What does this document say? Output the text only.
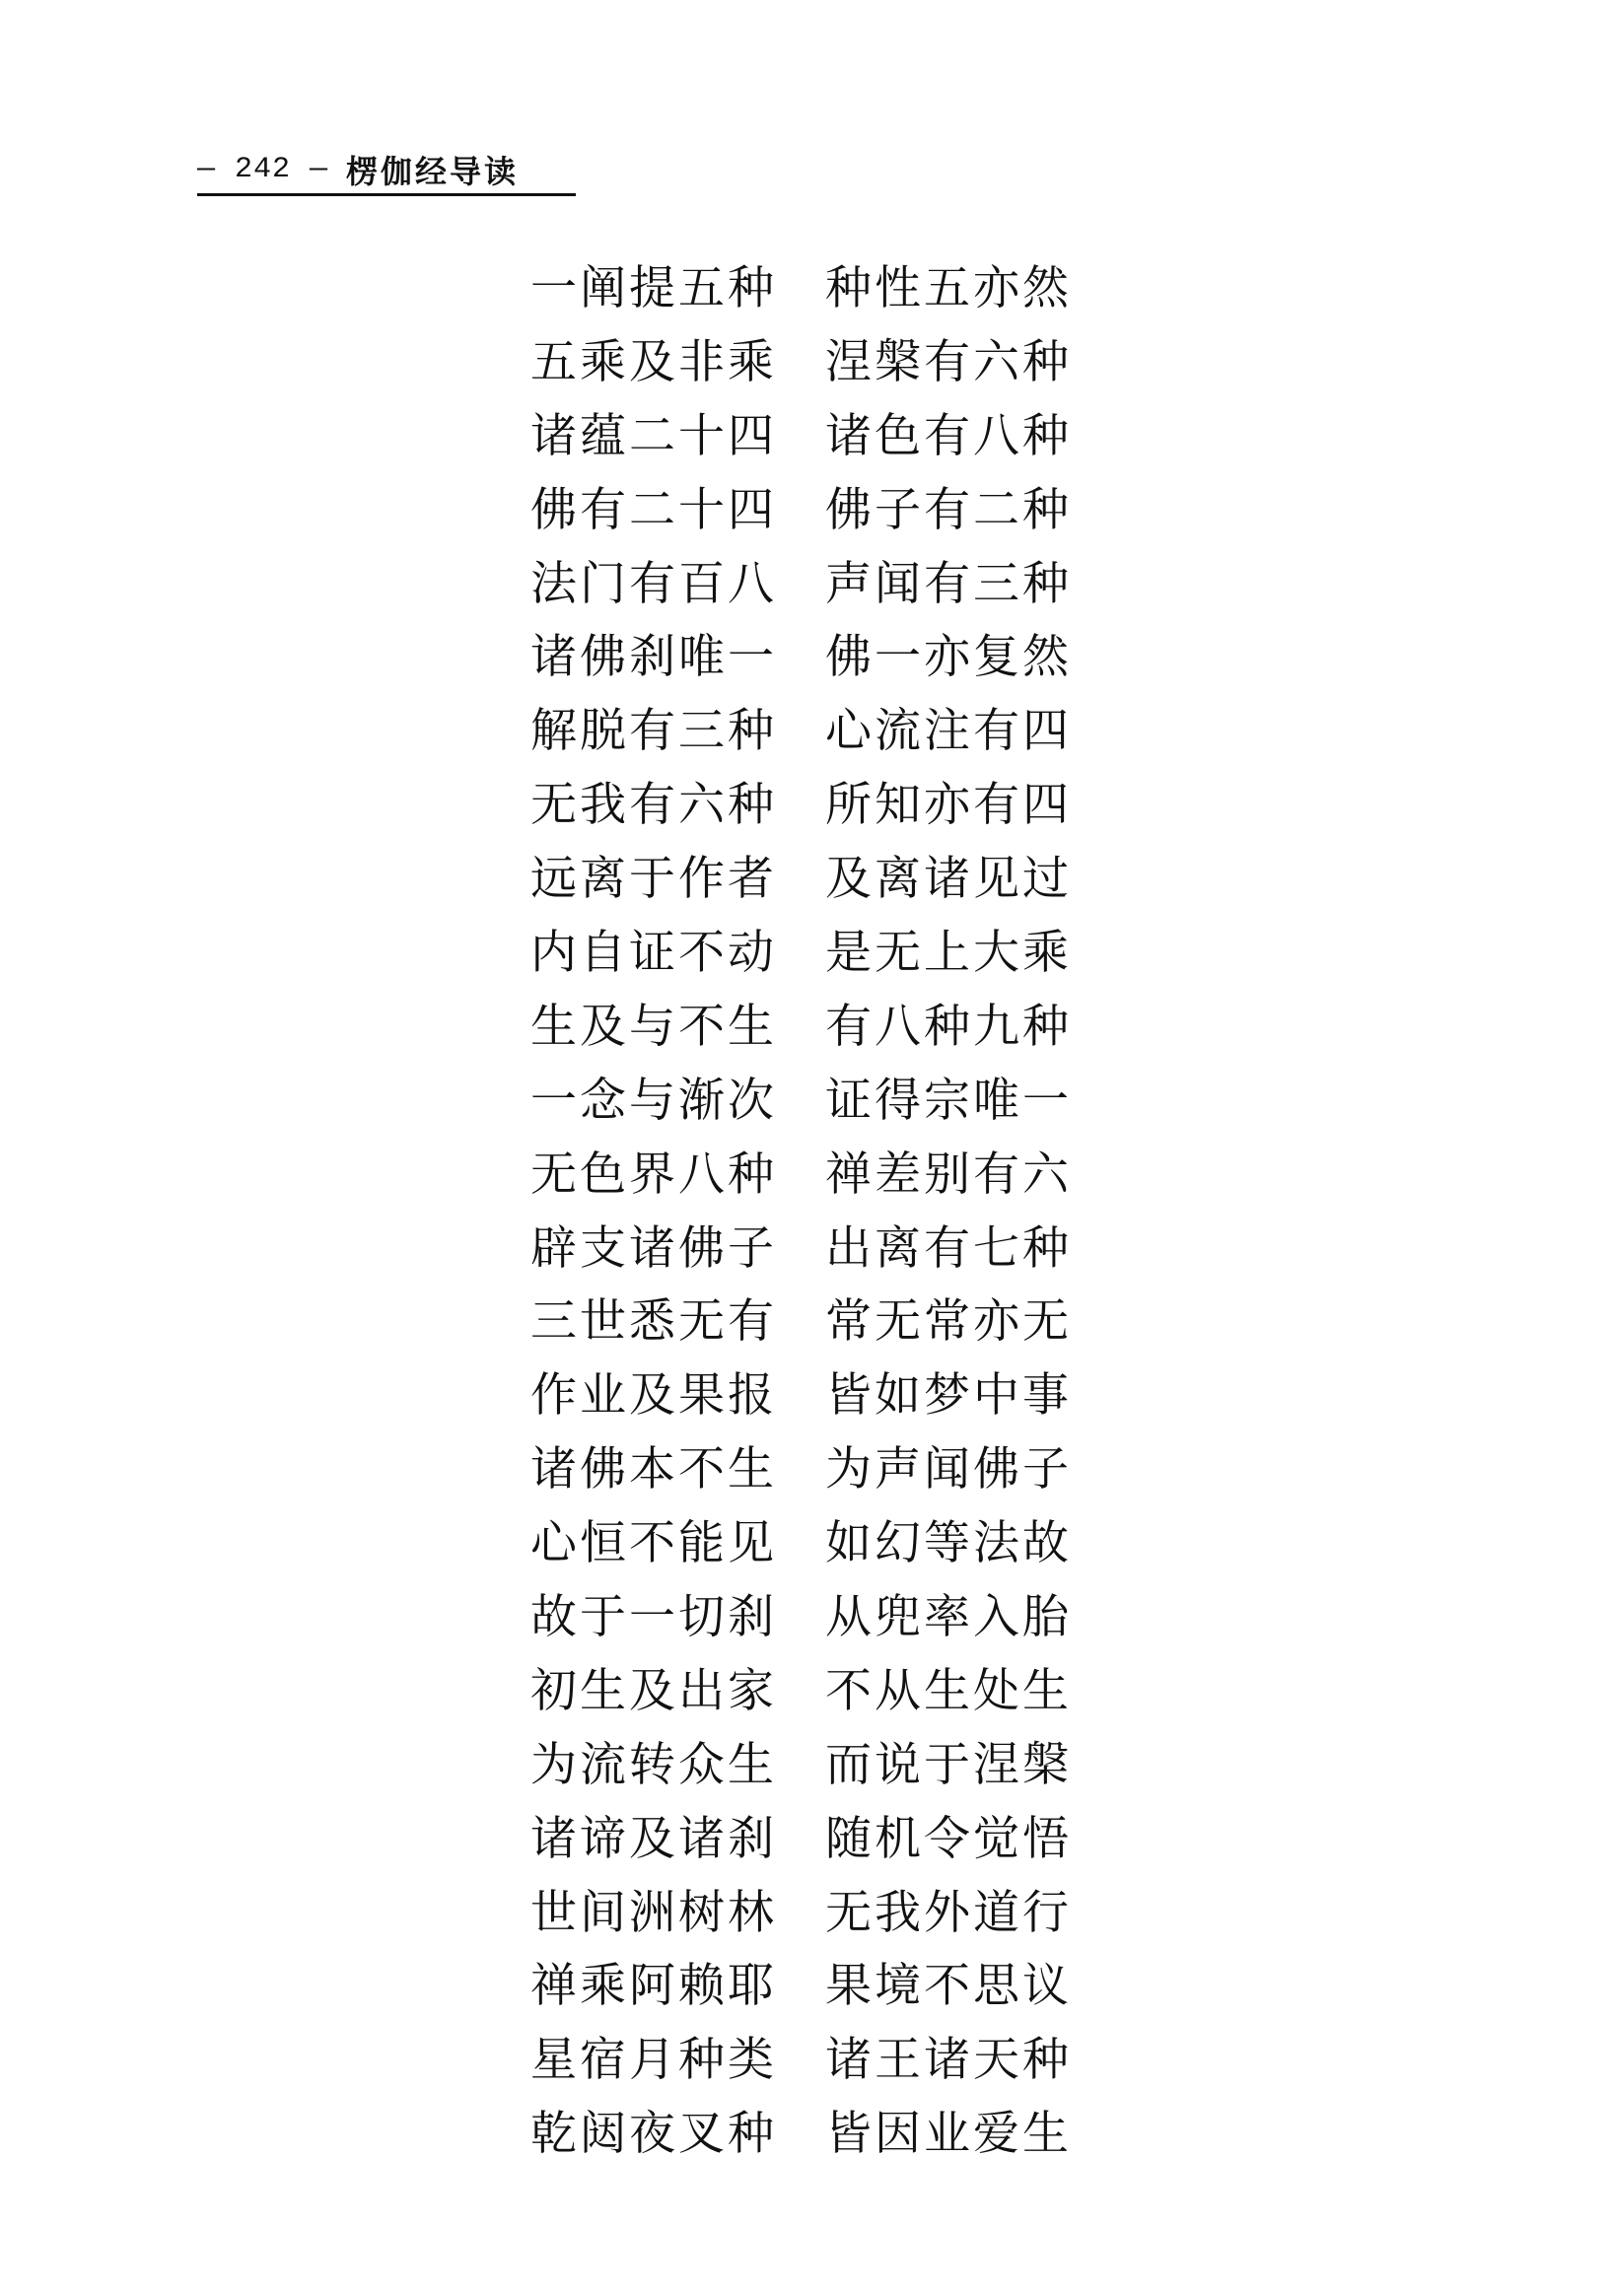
— 242 — 楞伽经导读
一阐提五种	种性五亦然
五乘及非乘	涅槃有六种
诸蕴二十四	诸色有八种
佛有二十四	佛子有二种
法门有百八	声闻有三种
诸佛刹唯一	佛一亦复然
解脱有三种	心流注有四
无我有六种	所知亦有四
远离于作者	及离诸见过
内自证不动	是无上大乘
生及与不生	有八种九种
一念与渐次	证得宗唯一
无色界八种	禅差别有六
辟支诸佛子	出离有七种
三世悉无有	常无常亦无
作业及果报	皆如梦中事
诸佛本不生	为声闻佛子
心恒不能见	如幻等法故
故于一切刹	从兜率入胎
初生及出家	不从生处生
为流转众生	而说于涅槃
诸谛及诸刹	随机令觉悟
世间洲树林	无我外道行
禅乘阿赖耶	果境不思议
星宿月种类	诸王诸天种
乾闼夜叉种	皆因业爱生
